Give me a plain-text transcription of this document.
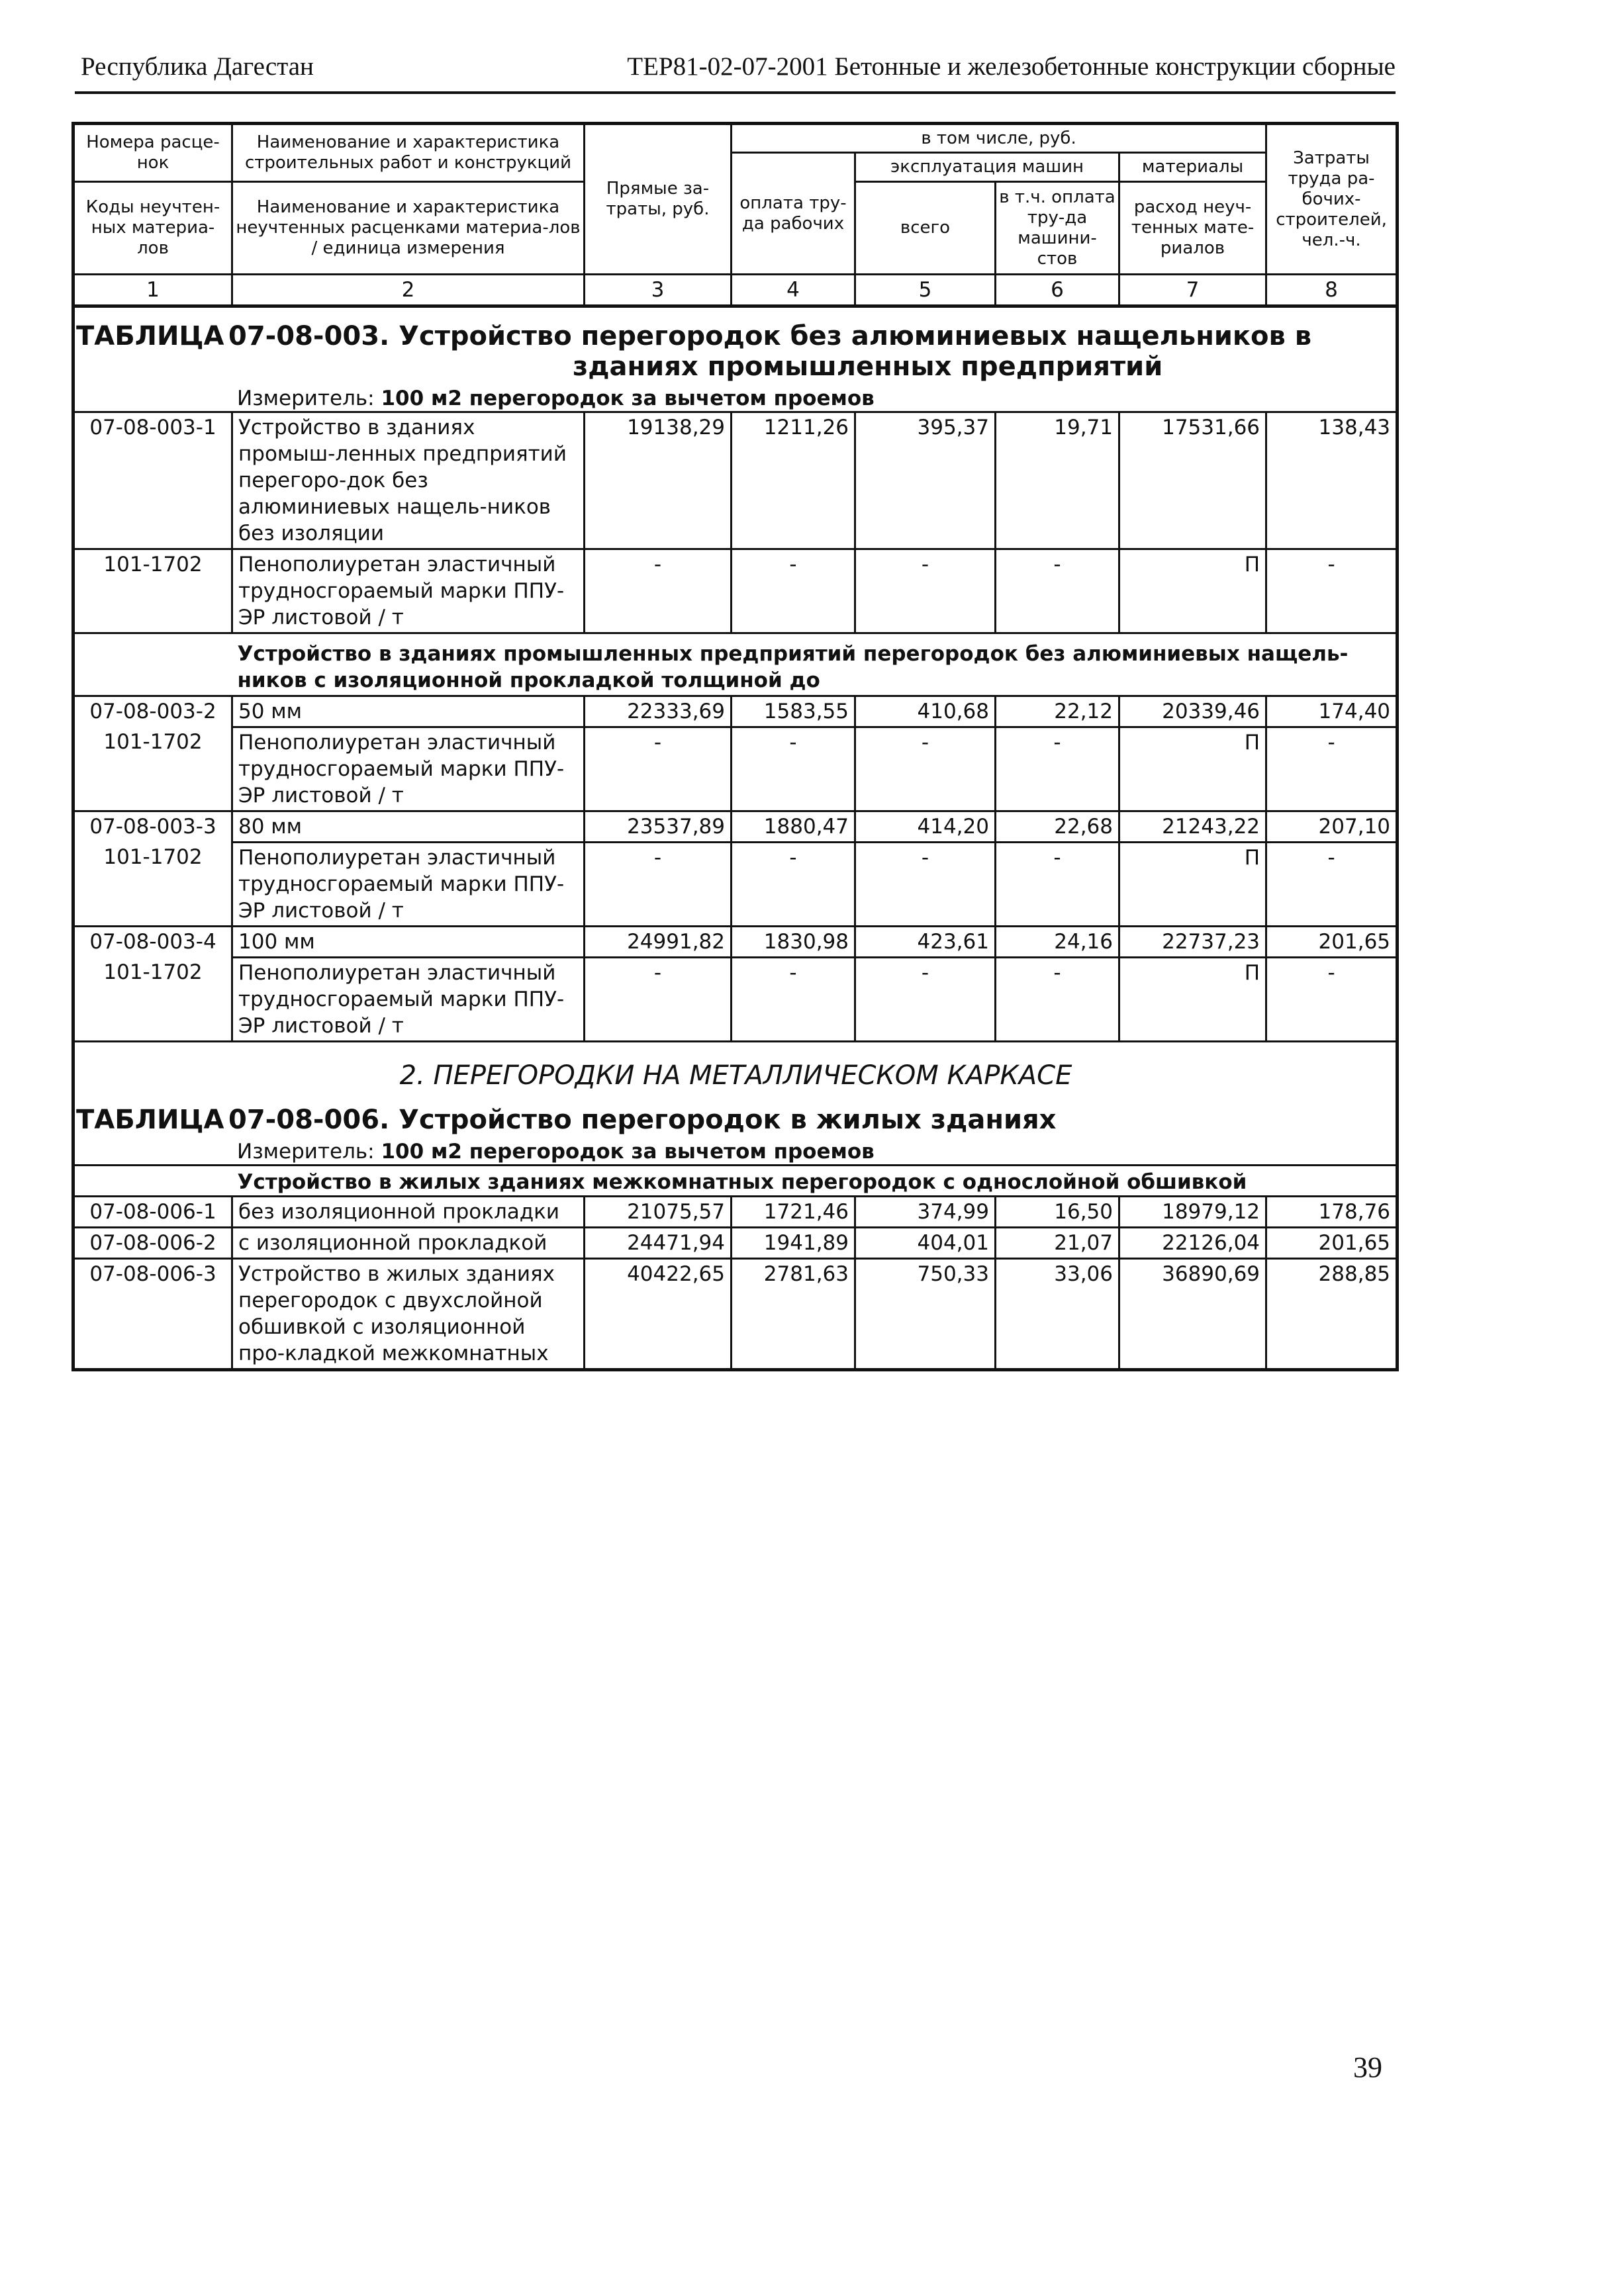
Республика Дагестан	ТЕР81-02-07-2001 Бетонные и железобетонные конструкции сборные
Номера расце-нок	Наименование и характеристика строительных работ и конструкций	Прямые за-траты, руб.	в том числе, руб.				Затраты труда ра-бочих-строителей, чел.-ч.
			оплата тру-да рабочих	эксплуатация машин		материалы	
Коды неучтен-ных материа-лов	Наименование и характеристика неучтенных расценками материа-лов / единица измерения			всего	в т.ч. оплата тру-да машини-стов	расход неуч-тенных мате-риалов	

1	2	3	4	5	6	7	8

ТАБЛИЦА 07-08-003. Устройство перегородок без алюминиевых нащельников в
зданиях промышленных предприятий
Измеритель: 100 м2 перегородок за вычетом проемов							

07-08-003-1	Устройство в зданиях промыш-ленных предприятий перегоро-док без алюминиевых нащель-ников без изоляции	19138,29	1211,26	395,37	19,71	17531,66	138,43
101-1702	Пенополиуретан эластичный трудносгораемый марки ППУ-ЭР листовой / т	-	-	-	-	П	-
	Устройство в зданиях промышленных предприятий перегородок без алюминиевых нащель-ников с изоляционной прокладкой толщиной до						
07-08-003-2	50 мм	22333,69	1583,55	410,68	22,12	20339,46	174,40
101-1702	Пенополиуретан эластичный трудносгораемый марки ППУ-ЭР листовой / т	-	-	-	-	П	-
07-08-003-3	80 мм	23537,89	1880,47	414,20	22,68	21243,22	207,10
101-1702	Пенополиуретан эластичный трудносгораемый марки ППУ-ЭР листовой / т	-	-	-	-	П	-
07-08-003-4	100 мм	24991,82	1830,98	423,61	24,16	22737,23	201,65
101-1702	Пенополиуретан эластичный трудносгораемый марки ППУ-ЭР листовой / т	-	-	-	-	П	-

2. ПЕРЕГОРОДКИ НА МЕТАЛЛИЧЕСКОМ КАРКАСЕ
ТАБЛИЦА 07-08-006. Устройство перегородок в жилых зданиях
Измеритель: 100 м2 перегородок за вычетом проемов							

	Устройство в жилых зданиях межкомнатных перегородок с однослойной обшивкой						
07-08-006-1	без изоляционной прокладки	21075,57	1721,46	374,99	16,50	18979,12	178,76
07-08-006-2	с изоляционной прокладкой	24471,94	1941,89	404,01	21,07	22126,04	201,65
07-08-006-3	Устройство в жилых зданиях перегородок с двухслойной обшивкой с изоляционной про-кладкой межкомнатных	40422,65	2781,63	750,33	33,06	36890,69	288,85
39
